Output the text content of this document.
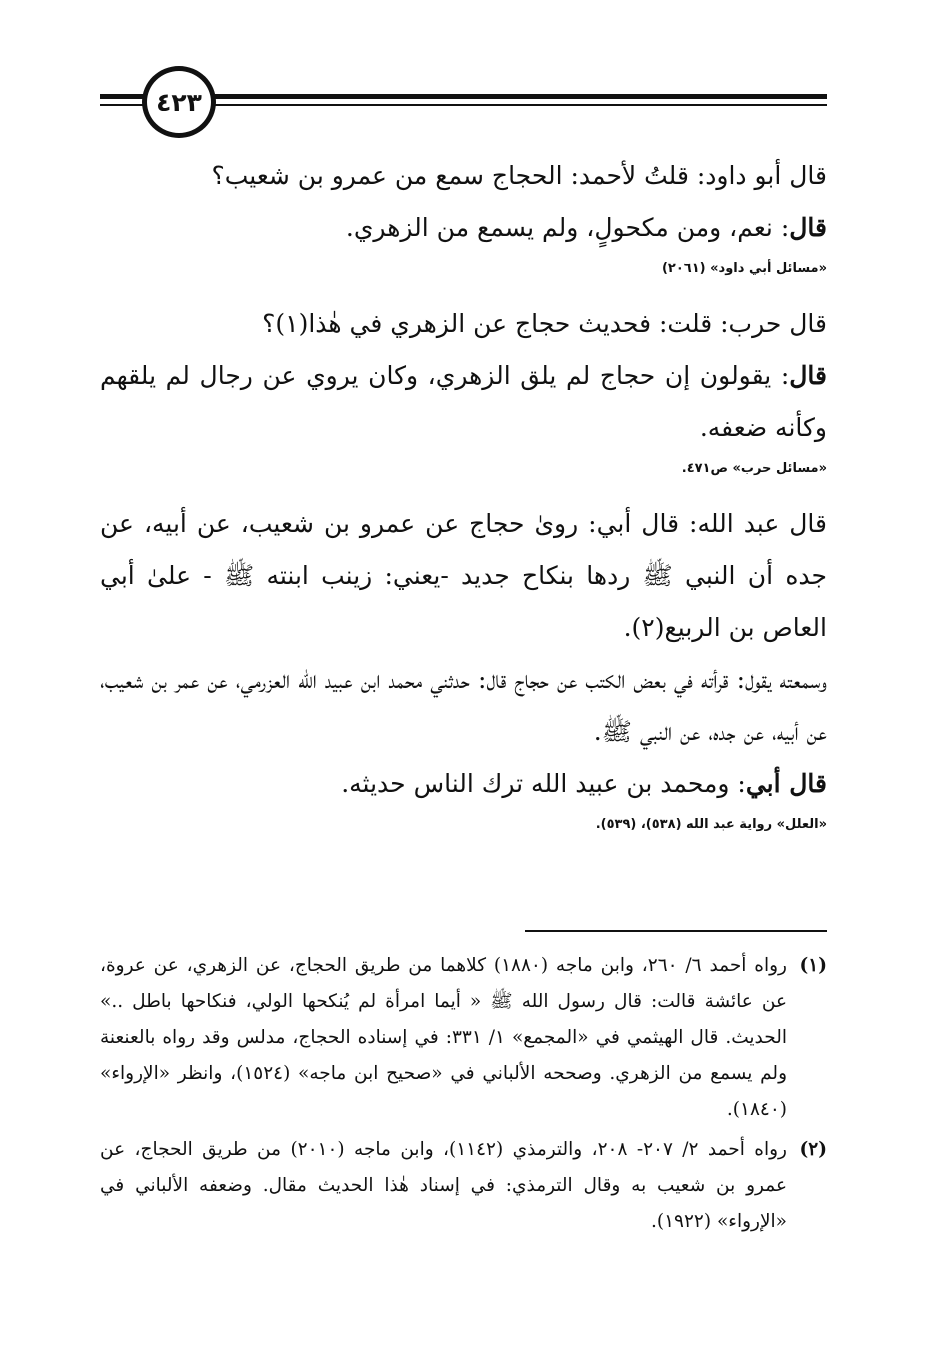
٤٢٣

قال أبو داود: قلتُ لأحمد: الحجاج سمع من عمرو بن شعيب؟

قال: نعم، ومن مكحولٍ، ولم يسمع من الزهري.

«مسائل أبي داود» (٢٠٦١)

قال حرب: قلت: فحديث حجاج عن الزهري في هٰذا(١)؟

قال: يقولون إن حجاج لم يلق الزهري، وكان يروي عن رجال لم يلقهم وكأنه ضعفه.

«مسائل حرب» ص٤٧١.

قال عبد الله: قال أبي: روىٰ حجاج عن عمرو بن شعيب، عن أبيه، عن جده أن النبي ﷺ ردها بنكاح جديد -يعني: زينب ابنته ﷺ - علىٰ أبي العاص بن الربيع(٢).

وسمعته يقول: قرأته في بعض الكتب عن حجاج قال: حدثني محمد ابن عبيد الله العزرمي، عن عمر بن شعيب، عن أبيه، عن جده، عن النبي ﷺ.

قال أبي: ومحمد بن عبيد الله ترك الناس حديثه.

«العلل» رواية عبد الله (٥٣٨)، (٥٣٩).

(١)
رواه أحمد ٦/ ٢٦٠، وابن ماجه (١٨٨٠) كلاهما من طريق الحجاج، عن الزهري، عن عروة، عن عائشة قالت: قال رسول الله ﷺ « أيما امرأة لم يُنكحها الولي، فنكاحها باطل ..» الحديث. قال الهيثمي في «المجمع» ١/ ٣٣١: في إسناده الحجاج، مدلس وقد رواه بالعنعنة ولم يسمع من الزهري. وصححه الألباني في «صحيح ابن ماجه» (١٥٢٤)، وانظر «الإرواء» (١٨٤٠).
(٢)
رواه أحمد ٢/ ٢٠٧- ٢٠٨، والترمذي (١١٤٢)، وابن ماجه (٢٠١٠) من طريق الحجاج، عن عمرو بن شعيب به وقال الترمذي: في إسناد هٰذا الحديث مقال. وضعفه الألباني في «الإرواء» (١٩٢٢).
